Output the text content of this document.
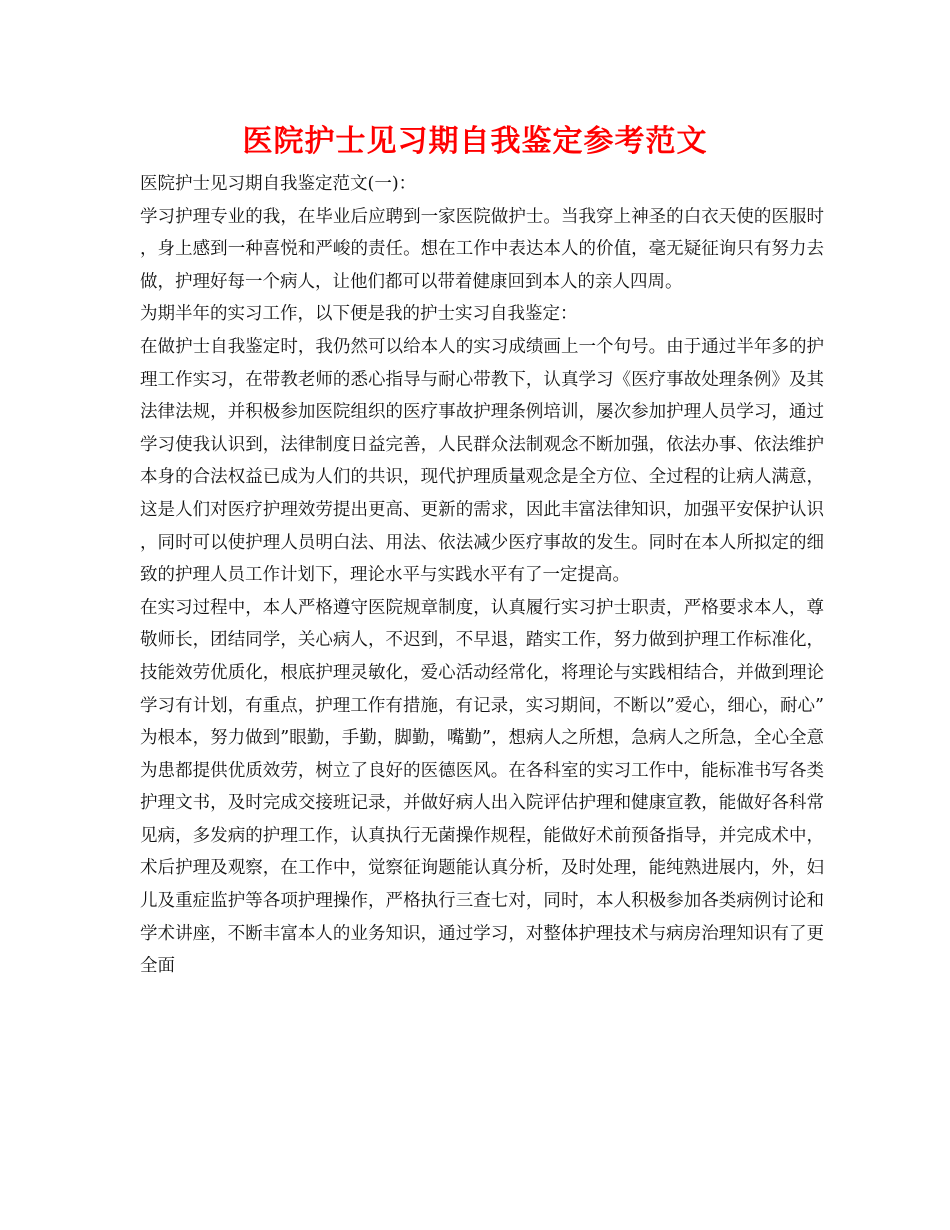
医院护士见习期自我鉴定参考范文

医院护士见习期自我鉴定范文(一)：

学习护理专业的我，在毕业后应聘到一家医院做护士。当我穿上神圣的白衣天使的医服时，身上感到一种喜悦和严峻的责任。想在工作中表达本人的价值，毫无疑征询只有努力去做，护理好每一个病人，让他们都可以带着健康回到本人的亲人四周。

为期半年的实习工作，以下便是我的护士实习自我鉴定：

在做护士自我鉴定时，我仍然可以给本人的实习成绩画上一个句号。由于通过半年多的护理工作实习，在带教老师的悉心指导与耐心带教下，认真学习《医疗事故处理条例》及其法律法规，并积极参加医院组织的医疗事故护理条例培训，屡次参加护理人员学习，通过学习使我认识到，法律制度日益完善，人民群众法制观念不断加强，依法办事、依法维护本身的合法权益已成为人们的共识，现代护理质量观念是全方位、全过程的让病人满意，这是人们对医疗护理效劳提出更高、更新的需求，因此丰富法律知识，加强平安保护认识，同时可以使护理人员明白法、用法、依法减少医疗事故的发生。同时在本人所拟定的细致的护理人员工作计划下，理论水平与实践水平有了一定提高。

在实习过程中，本人严格遵守医院规章制度，认真履行实习护士职责，严格要求本人，尊敬师长，团结同学，关心病人，不迟到，不早退，踏实工作，努力做到护理工作标准化，技能效劳优质化，根底护理灵敏化，爱心活动经常化，将理论与实践相结合，并做到理论学习有计划，有重点，护理工作有措施，有记录，实习期间，不断以”爱心，细心，耐心”为根本，努力做到”眼勤，手勤，脚勤，嘴勤”，想病人之所想，急病人之所急，全心全意为患都提供优质效劳，树立了良好的医德医风。在各科室的实习工作中，能标准书写各类护理文书，及时完成交接班记录，并做好病人出入院评估护理和健康宣教，能做好各科常见病，多发病的护理工作，认真执行无菌操作规程，能做好术前预备指导，并完成术中，术后护理及观察，在工作中，觉察征询题能认真分析，及时处理，能纯熟进展内，外，妇儿及重症监护等各项护理操作，严格执行三查七对，同时，本人积极参加各类病例讨论和学术讲座，不断丰富本人的业务知识，通过学习，对整体护理技术与病房治理知识有了更全面
